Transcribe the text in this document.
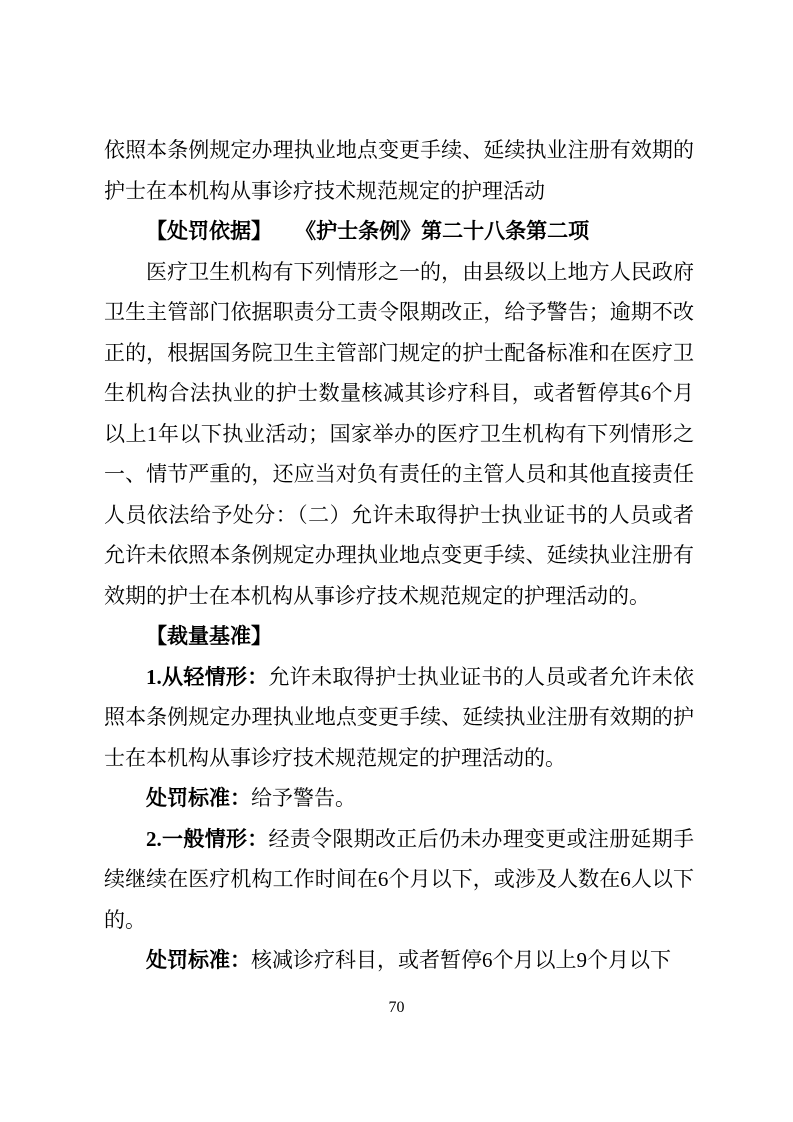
依照本条例规定办理执业地点变更手续、延续执业注册有效期的护士在本机构从事诊疗技术规范规定的护理活动

【处罚依据】 《护士条例》第二十八条第二项

医疗卫生机构有下列情形之一的，由县级以上地方人民政府卫生主管部门依据职责分工责令限期改正，给予警告；逾期不改正的，根据国务院卫生主管部门规定的护士配备标准和在医疗卫生机构合法执业的护士数量核减其诊疗科目，或者暂停其6个月以上1年以下执业活动；国家举办的医疗卫生机构有下列情形之一、情节严重的，还应当对负有责任的主管人员和其他直接责任人员依法给予处分：（二）允许未取得护士执业证书的人员或者允许未依照本条例规定办理执业地点变更手续、延续执业注册有效期的护士在本机构从事诊疗技术规范规定的护理活动的。

【裁量基准】

1.从轻情形：允许未取得护士执业证书的人员或者允许未依照本条例规定办理执业地点变更手续、延续执业注册有效期的护士在本机构从事诊疗技术规范规定的护理活动的。

处罚标准：给予警告。

2.一般情形：经责令限期改正后仍未办理变更或注册延期手续继续在医疗机构工作时间在6个月以下，或涉及人数在6人以下的。

处罚标准：核减诊疗科目，或者暂停6个月以上9个月以下

70
